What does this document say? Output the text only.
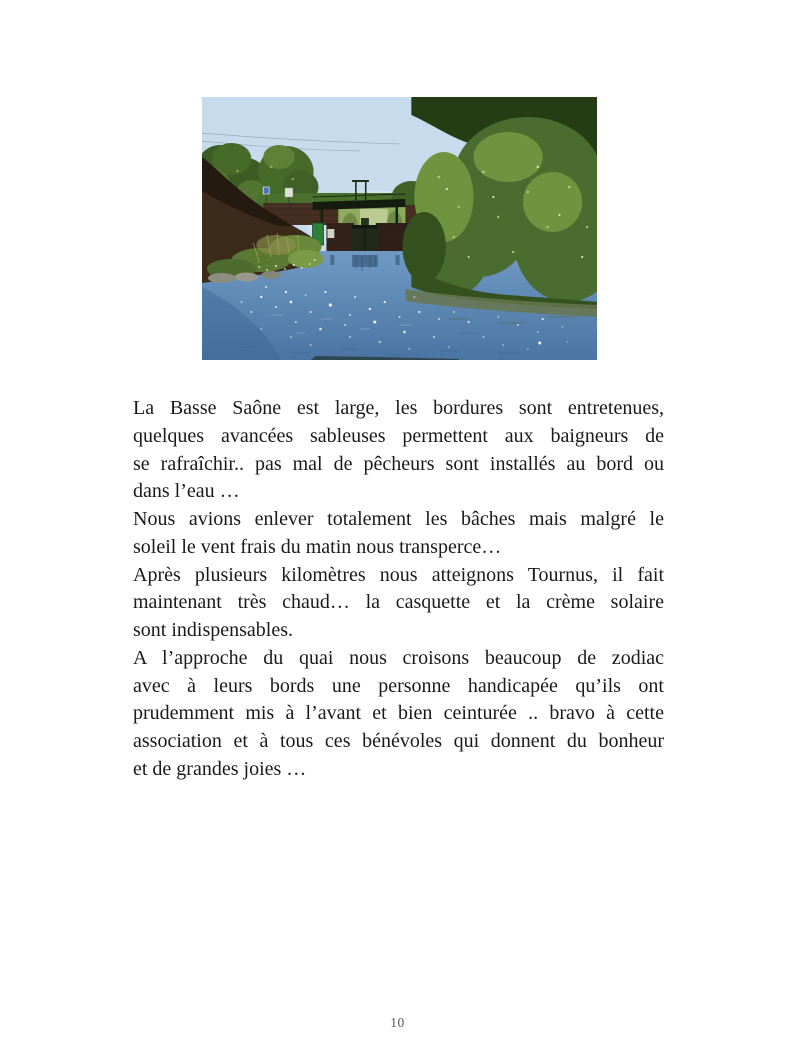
La Basse Saône est large, les bordures sont entretenues,
quelques avancées sableuses permettent aux baigneurs de
se rafraîchir.. pas mal de pêcheurs sont installés au bord ou
dans l’eau …

Nous avions enlever totalement les bâches mais malgré le
soleil le vent frais du matin nous transperce…

Après plusieurs kilomètres nous atteignons Tournus, il fait
maintenant très chaud… la casquette et la crème solaire
sont indispensables.

A l’approche du quai nous croisons beaucoup de zodiac
avec à leurs bords une personne handicapée qu’ils ont
prudemment mis à l’avant et bien ceinturée .. bravo à cette
association et à tous ces bénévoles qui donnent du bonheur
et de grandes joies …

10
